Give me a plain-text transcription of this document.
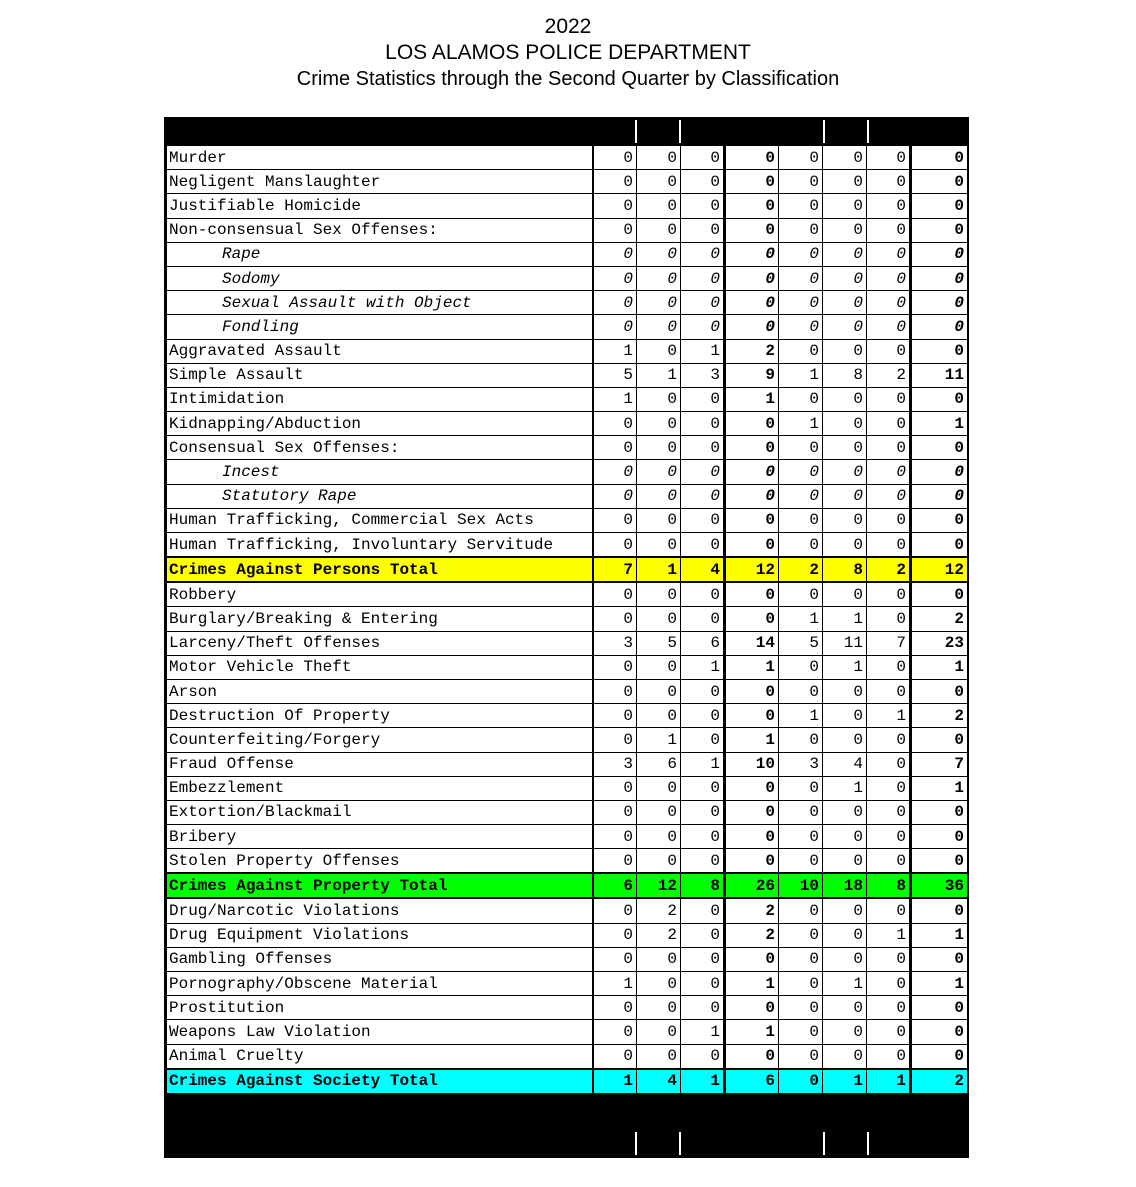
2022
LOS ALAMOS POLICE DEPARTMENT
Crime Statistics through the Second Quarter by Classification
Murder	0	0	0	0	0	0	0	0
Negligent Manslaughter	0	0	0	0	0	0	0	0
Justifiable Homicide	0	0	0	0	0	0	0	0
Non-consensual Sex Offenses:	0	0	0	0	0	0	0	0
Rape	0	0	0	0	0	0	0	0
Sodomy	0	0	0	0	0	0	0	0
Sexual Assault with Object	0	0	0	0	0	0	0	0
Fondling	0	0	0	0	0	0	0	0
Aggravated Assault	1	0	1	2	0	0	0	0
Simple Assault	5	1	3	9	1	8	2	11
Intimidation	1	0	0	1	0	0	0	0
Kidnapping/Abduction	0	0	0	0	1	0	0	1
Consensual Sex Offenses:	0	0	0	0	0	0	0	0
Incest	0	0	0	0	0	0	0	0
Statutory Rape	0	0	0	0	0	0	0	0
Human Trafficking, Commercial Sex Acts	0	0	0	0	0	0	0	0
Human Trafficking, Involuntary Servitude	0	0	0	0	0	0	0	0
Crimes Against Persons Total	7	1	4	12	2	8	2	12
Robbery	0	0	0	0	0	0	0	0
Burglary/Breaking & Entering	0	0	0	0	1	1	0	2
Larceny/Theft Offenses	3	5	6	14	5	11	7	23
Motor Vehicle Theft	0	0	1	1	0	1	0	1
Arson	0	0	0	0	0	0	0	0
Destruction Of Property	0	0	0	0	1	0	1	2
Counterfeiting/Forgery	0	1	0	1	0	0	0	0
Fraud Offense	3	6	1	10	3	4	0	7
Embezzlement	0	0	0	0	0	1	0	1
Extortion/Blackmail	0	0	0	0	0	0	0	0
Bribery	0	0	0	0	0	0	0	0
Stolen Property Offenses	0	0	0	0	0	0	0	0
Crimes Against Property Total	6	12	8	26	10	18	8	36
Drug/Narcotic Violations	0	2	0	2	0	0	0	0
Drug Equipment Violations	0	2	0	2	0	0	1	1
Gambling Offenses	0	0	0	0	0	0	0	0
Pornography/Obscene Material	1	0	0	1	0	1	0	1
Prostitution	0	0	0	0	0	0	0	0
Weapons Law Violation	0	0	1	1	0	0	0	0
Animal Cruelty	0	0	0	0	0	0	0	0
Crimes Against Society Total	1	4	1	6	0	1	1	2
